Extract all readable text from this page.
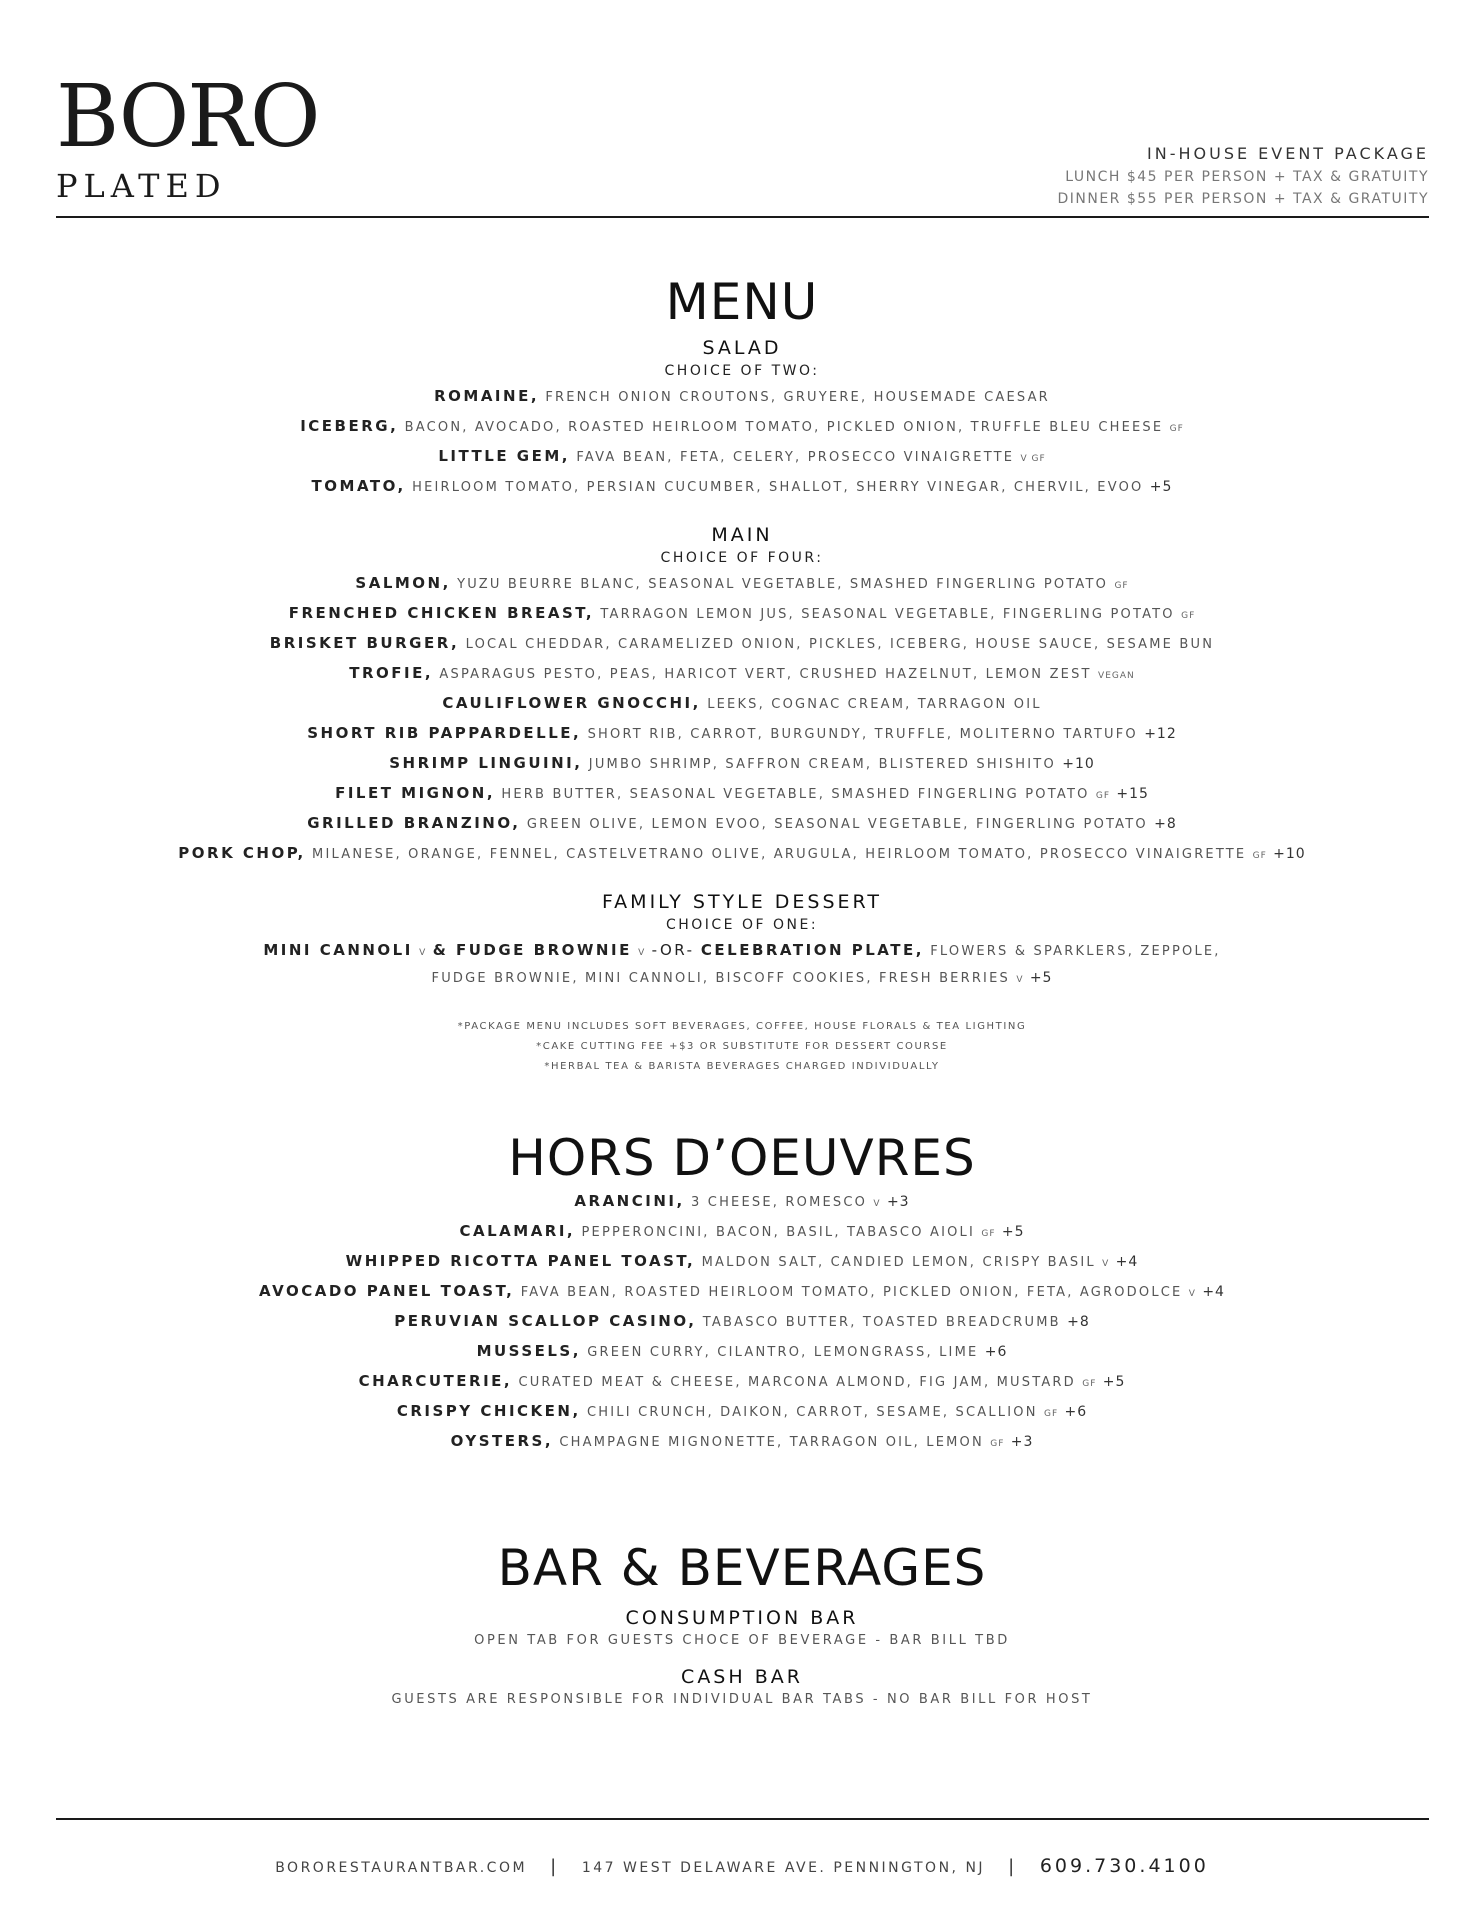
BORO
PLATED
IN-HOUSE EVENT PACKAGE
LUNCH $45 PER PERSON + TAX & GRATUITY
DINNER $55 PER PERSON + TAX & GRATUITY
MENU
SALAD
CHOICE OF TWO:
ROMAINE, FRENCH ONION CROUTONS, GRUYERE, HOUSEMADE CAESAR
ICEBERG, BACON, AVOCADO, ROASTED HEIRLOOM TOMATO, PICKLED ONION, TRUFFLE BLEU CHEESE GF
LITTLE GEM, FAVA BEAN, FETA, CELERY, PROSECCO VINAIGRETTE V GF
TOMATO, HEIRLOOM TOMATO, PERSIAN CUCUMBER, SHALLOT, SHERRY VINEGAR, CHERVIL, EVOO +5
MAIN
CHOICE OF FOUR:
SALMON, YUZU BEURRE BLANC, SEASONAL VEGETABLE, SMASHED FINGERLING POTATO GF
FRENCHED CHICKEN BREAST, TARRAGON LEMON JUS, SEASONAL VEGETABLE, FINGERLING POTATO GF
BRISKET BURGER, LOCAL CHEDDAR, CARAMELIZED ONION, PICKLES, ICEBERG, HOUSE SAUCE, SESAME BUN
TROFIE, ASPARAGUS PESTO, PEAS, HARICOT VERT, CRUSHED HAZELNUT, LEMON ZEST VEGAN
CAULIFLOWER GNOCCHI, LEEKS, COGNAC CREAM, TARRAGON OIL
SHORT RIB PAPPARDELLE, SHORT RIB, CARROT, BURGUNDY, TRUFFLE, MOLITERNO TARTUFO +12
SHRIMP LINGUINI, JUMBO SHRIMP, SAFFRON CREAM, BLISTERED SHISHITO +10
FILET MIGNON, HERB BUTTER, SEASONAL VEGETABLE, SMASHED FINGERLING POTATO GF +15
GRILLED BRANZINO, GREEN OLIVE, LEMON EVOO, SEASONAL VEGETABLE, FINGERLING POTATO +8
PORK CHOP, MILANESE, ORANGE, FENNEL, CASTELVETRANO OLIVE, ARUGULA, HEIRLOOM TOMATO, PROSECCO VINAIGRETTE GF +10
FAMILY STYLE DESSERT
CHOICE OF ONE:
MINI CANNOLI V & FUDGE BROWNIE V -OR- CELEBRATION PLATE, FLOWERS & SPARKLERS, ZEPPOLE,
FUDGE BROWNIE, MINI CANNOLI, BISCOFF COOKIES, FRESH BERRIES V +5
*PACKAGE MENU INCLUDES SOFT BEVERAGES, COFFEE, HOUSE FLORALS & TEA LIGHTING
*CAKE CUTTING FEE +$3 OR SUBSTITUTE FOR DESSERT COURSE
*HERBAL TEA & BARISTA BEVERAGES CHARGED INDIVIDUALLY
HORS D’OEUVRES
ARANCINI, 3 CHEESE, ROMESCO V +3
CALAMARI, PEPPERONCINI, BACON, BASIL, TABASCO AIOLI GF +5
WHIPPED RICOTTA PANEL TOAST, MALDON SALT, CANDIED LEMON, CRISPY BASIL V +4
AVOCADO PANEL TOAST, FAVA BEAN, ROASTED HEIRLOOM TOMATO, PICKLED ONION, FETA, AGRODOLCE V +4
PERUVIAN SCALLOP CASINO, TABASCO BUTTER, TOASTED BREADCRUMB +8
MUSSELS, GREEN CURRY, CILANTRO, LEMONGRASS, LIME +6
CHARCUTERIE, CURATED MEAT & CHEESE, MARCONA ALMOND, FIG JAM, MUSTARD GF +5
CRISPY CHICKEN, CHILI CRUNCH, DAIKON, CARROT, SESAME, SCALLION GF +6
OYSTERS, CHAMPAGNE MIGNONETTE, TARRAGON OIL, LEMON GF +3
BAR & BEVERAGES
CONSUMPTION BAR
OPEN TAB FOR GUESTS CHOCE OF BEVERAGE - BAR BILL TBD
CASH BAR
GUESTS ARE RESPONSIBLE FOR INDIVIDUAL BAR TABS - NO BAR BILL FOR HOST
BORORESTAURANTBAR.COM | 147 WEST DELAWARE AVE. PENNINGTON, NJ | 609.730.4100
